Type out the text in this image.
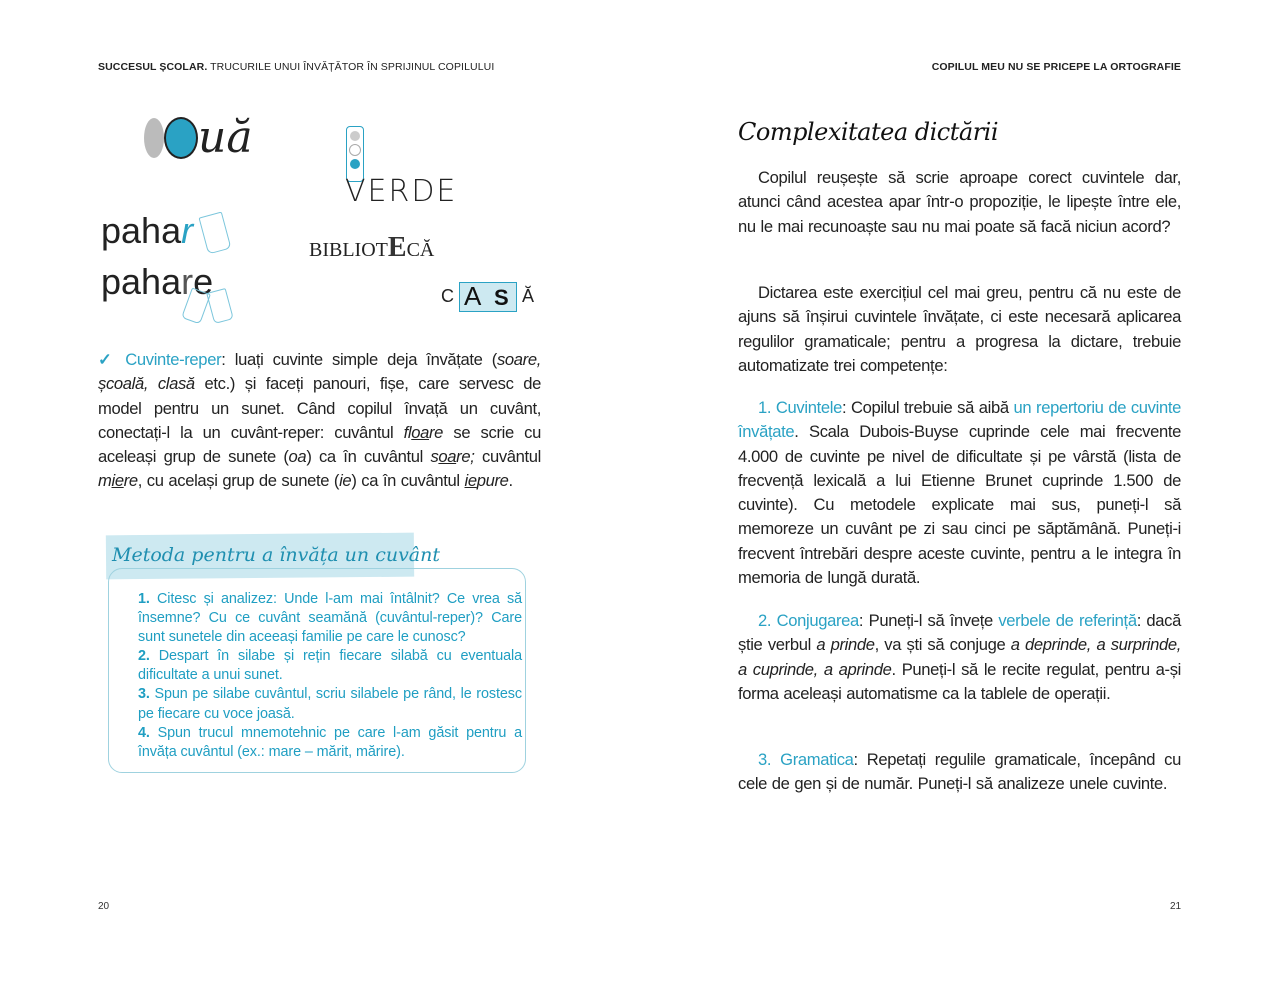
SUCCESUL ȘCOLAR. TRUCURILE UNUI ÎNVĂȚĂTOR ÎN SPRIJINUL COPILULUI	COPILUL MEU NU SE PRICEPE LA ORTOGRAFIE
uă
VERDE
pahar
pahare

BIBLIOTECĂ
C A S Ă
✓ Cuvinte-reper: luați cuvinte simple deja învățate (soare, școală, clasă etc.) și faceți panouri, fișe, care servesc de model pentru un sunet. Când copilul învață un cuvânt, conectați-l la un cuvânt-reper: cuvântul floare se scrie cu aceleași grup de sunete (oa) ca în cuvântul soare; cuvântul miere, cu același grup de sunete (ie) ca în cuvântul iepure.
Metoda pentru a învăța un cuvânt
1. Citesc și analizez: Unde l-am mai întâlnit? Ce vrea să însemne? Cu ce cuvânt seamănă (cuvântul-reper)? Care sunt sunetele din aceeași familie pe care le cunosc?
2. Despart în silabe și rețin fiecare silabă cu eventuala dificultate a unui sunet.
3. Spun pe silabe cuvântul, scriu silabele pe rând, le rostesc pe fiecare cu voce joasă.
4. Spun trucul mnemotehnic pe care l-am găsit pentru a învăța cuvântul (ex.: mare – mărit, mărire).
Complexitatea dictării
Copilul reușește să scrie aproape corect cuvintele dar, atunci când acestea apar într-o propoziție, le lipește între ele, nu le mai recunoaște sau nu mai poate să facă niciun acord?
Dictarea este exercițiul cel mai greu, pentru că nu este de ajuns să înșirui cuvintele învățate, ci este necesară aplicarea regulilor gramaticale; pentru a progresa la dictare, trebuie automatizate trei competențe:
1. Cuvintele: Copilul trebuie să aibă un repertoriu de cuvinte învățate. Scala Dubois-Buyse cuprinde cele mai frecvente 4.000 de cuvinte pe nivel de dificultate și pe vârstă (lista de frecvență lexicală a lui Etienne Brunet cuprinde 1.500 de cuvinte). Cu metodele explicate mai sus, puneți-l să memoreze un cuvânt pe zi sau cinci pe săptămână. Puneți-i frecvent întrebări despre aceste cuvinte, pentru a le integra în memoria de lungă durată.
2. Conjugarea: Puneți-l să învețe verbele de referință: dacă știe verbul a prinde, va ști să conjuge a deprinde, a surprinde, a cuprinde, a aprinde. Puneți-l să le recite regulat, pentru a-și forma aceleași automatisme ca la tablele de operații.
3. Gramatica: Repetați regulile gramaticale, începând cu cele de gen și de număr. Puneți-l să analizeze unele cuvinte.
20	21
